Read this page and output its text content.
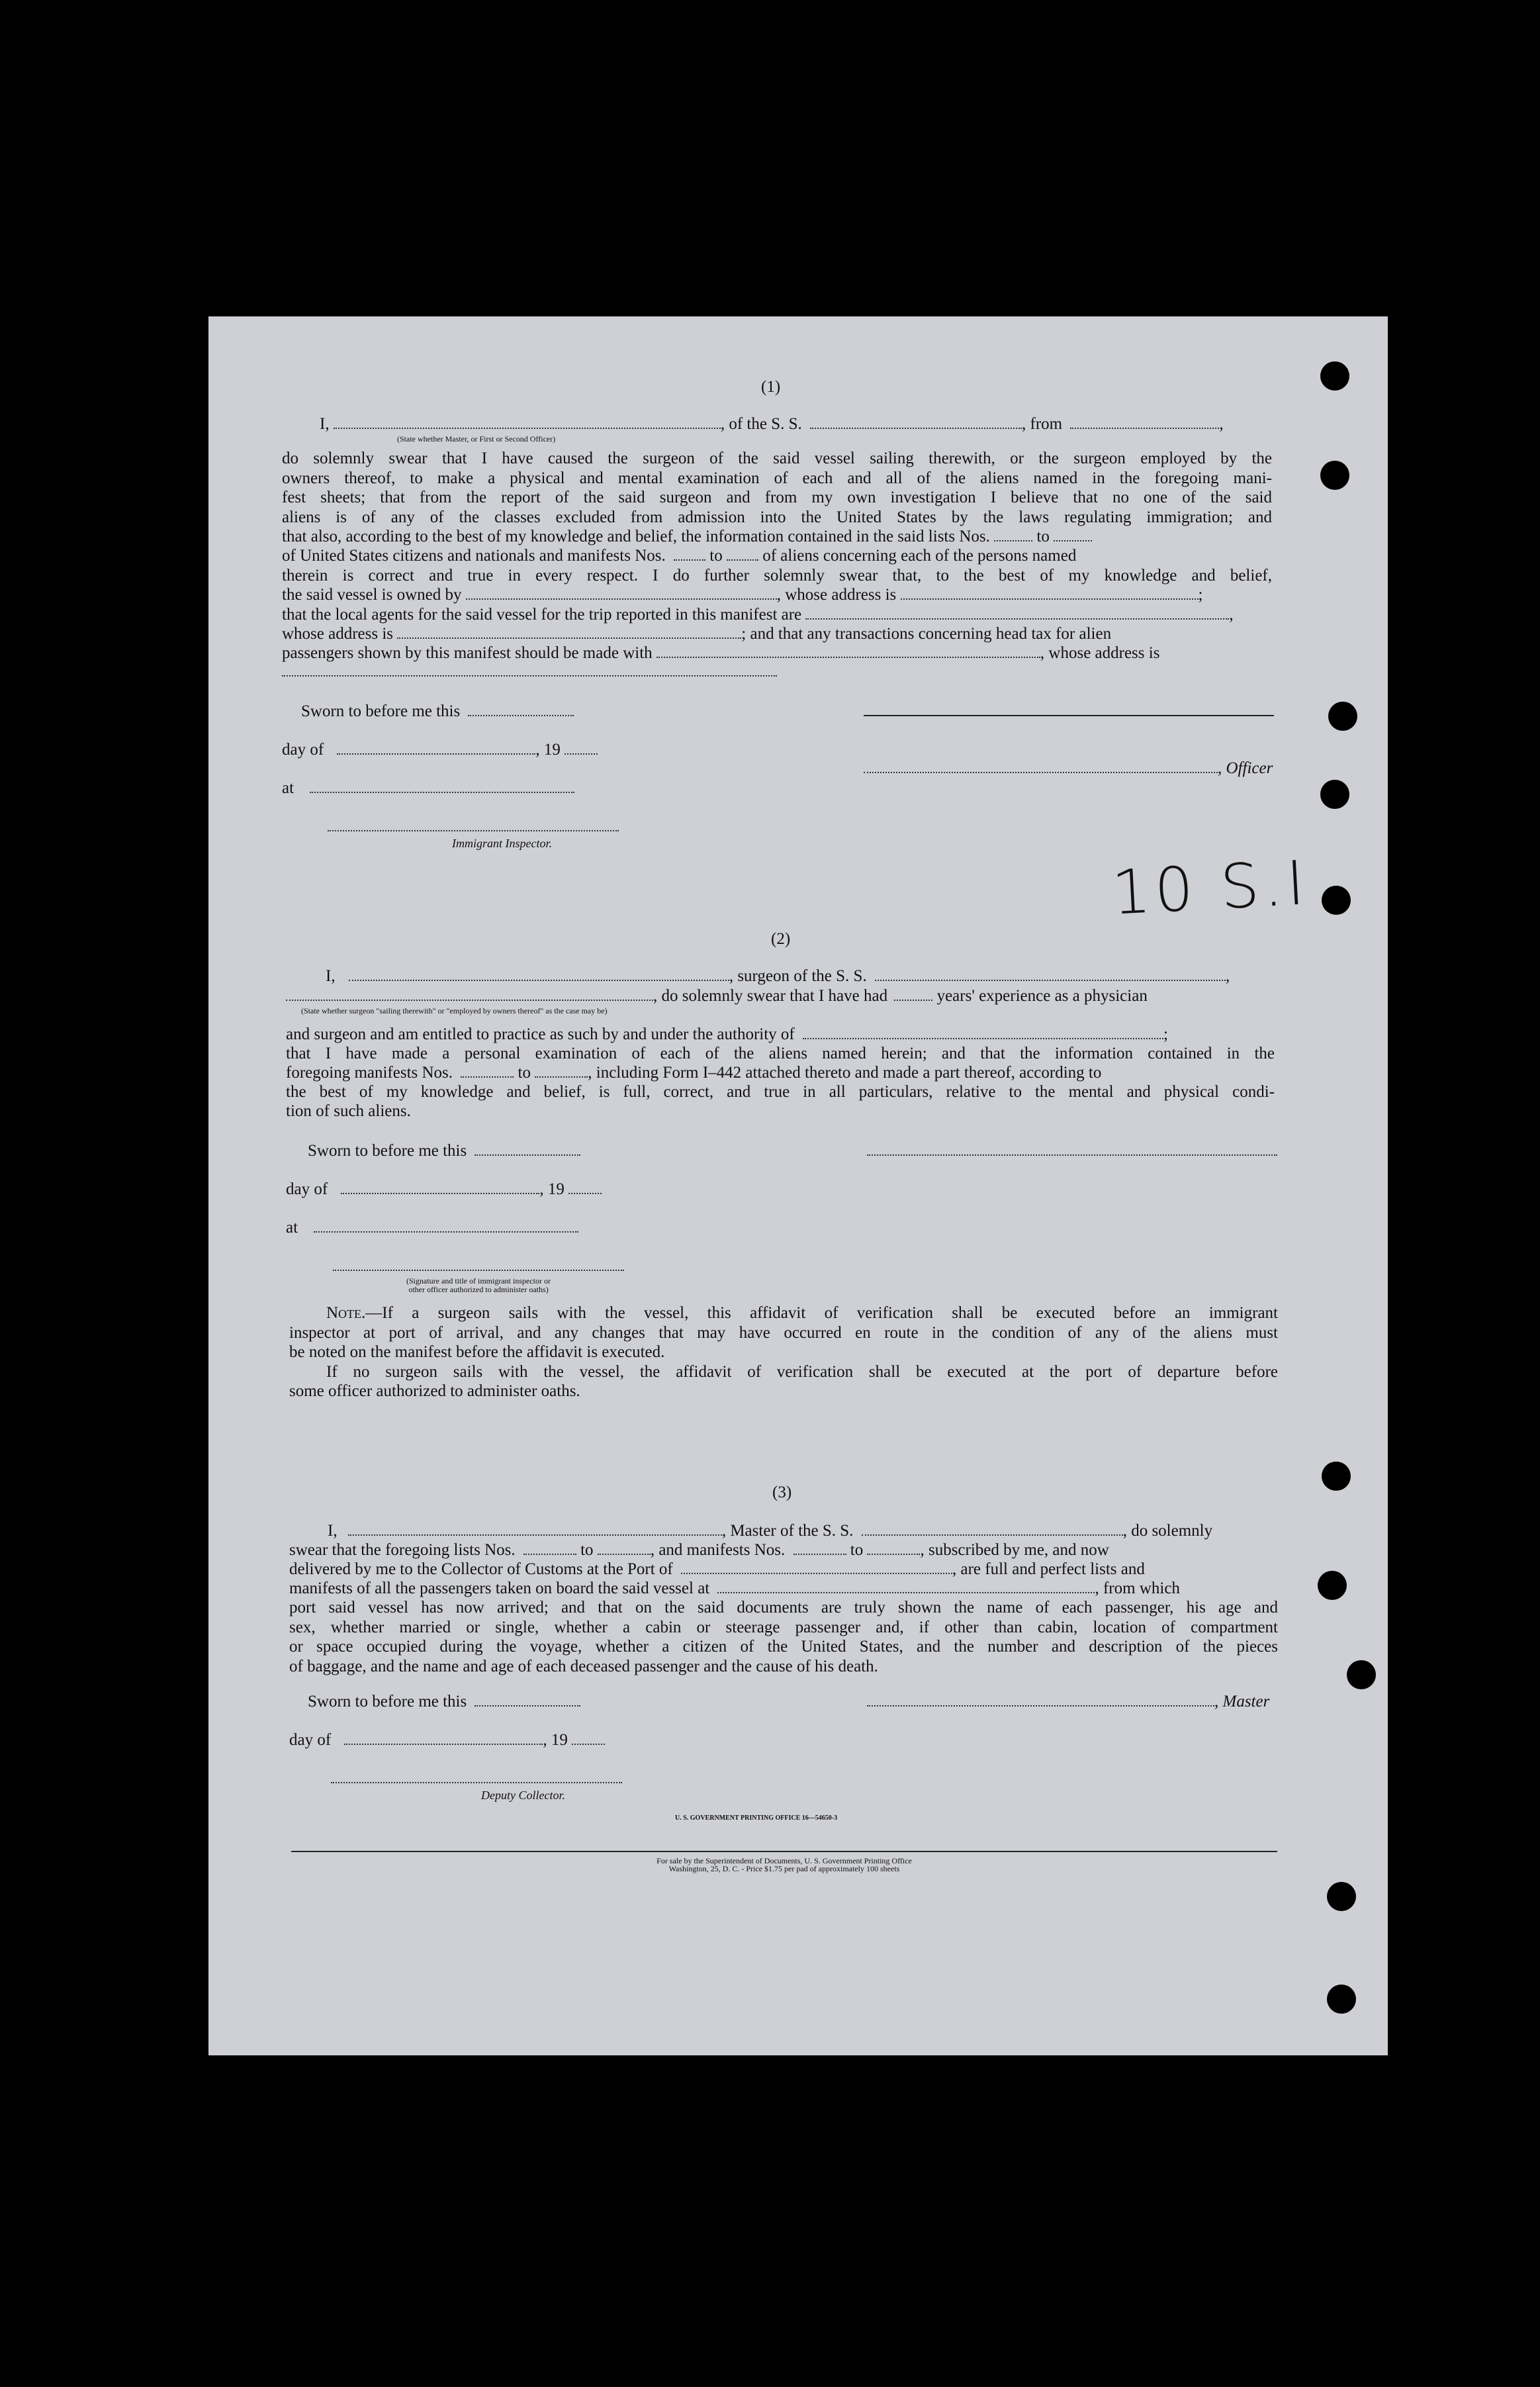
(1)
I,	, of the S. S.	, from	,
(State whether Master, or First or Second Officer)
do solemnly swear that I have caused the surgeon of the said vessel sailing therewith, or the surgeon employed by the
owners thereof, to make a physical and mental examination of each and all of the aliens named in the foregoing mani-
fest sheets; that from the report of the said surgeon and from my own investigation I believe that no one of the said
aliens is of any of the classes excluded from admission into the United States by the laws regulating immigration; and
that also, according to the best of my knowledge and belief, the information contained in the said lists Nos.	to
of United States citizens and nationals and manifests Nos.	to of aliens concerning each of the persons named
therein is correct and true in every respect. I do further solemnly swear that, to the best of my knowledge and belief,
the said vessel is owned by	, whose address is	;
that the local agents for the said vessel for the trip reported in this manifest are	,
whose address is	; and that any transactions concerning head tax for alien
passengers shown by this manifest should be made with	, whose address is
Sworn to before me this
day of	, 19
, Officer
at
Immigrant Inspector.
10 S.I
(2)
I,	, surgeon of the S. S.	,
, do solemnly swear that I have had	years' experience as a physician
(State whether surgeon "sailing therewith" or "employed by owners thereof" as the case may be)
and surgeon and am entitled to practice as such by and under the authority of	;
that I have made a personal examination of each of the aliens named herein; and that the information contained in the
foregoing manifests Nos.	to	, including Form I–442 attached thereto and made a part thereof, according to
the best of my knowledge and belief, is full, correct, and true in all particulars, relative to the mental and physical condi-
tion of such aliens.
Sworn to before me this
day of	, 19
at
(Signature and title of immigrant inspector or
other officer authorized to administer oaths)
Note.—If a surgeon sails with the vessel, this affidavit of verification shall be executed before an immigrant
inspector at port of arrival, and any changes that may have occurred en route in the condition of any of the aliens must
be noted on the manifest before the affidavit is executed.
If no surgeon sails with the vessel, the affidavit of verification shall be executed at the port of departure before
some officer authorized to administer oaths.
(3)
I,	, Master of the S. S.	, do solemnly
swear that the foregoing lists Nos.	to	, and manifests Nos.	to	, subscribed by me, and now
delivered by me to the Collector of Customs at the Port of	, are full and perfect lists and
manifests of all the passengers taken on board the said vessel at	, from which
port said vessel has now arrived; and that on the said documents are truly shown the name of each passenger, his age and
sex, whether married or single, whether a cabin or steerage passenger and, if other than cabin, location of compartment
or space occupied during the voyage, whether a citizen of the United States, and the number and description of the pieces
of baggage, and the name and age of each deceased passenger and the cause of his death.
Sworn to before me this	, Master
day of	, 19
Deputy Collector.
U. S. GOVERNMENT PRINTING OFFICE 16—54650-3
For sale by the Superintendent of Documents, U. S. Government Printing Office
Washington, 25, D. C. - Price $1.75 per pad of approximately 100 sheets
